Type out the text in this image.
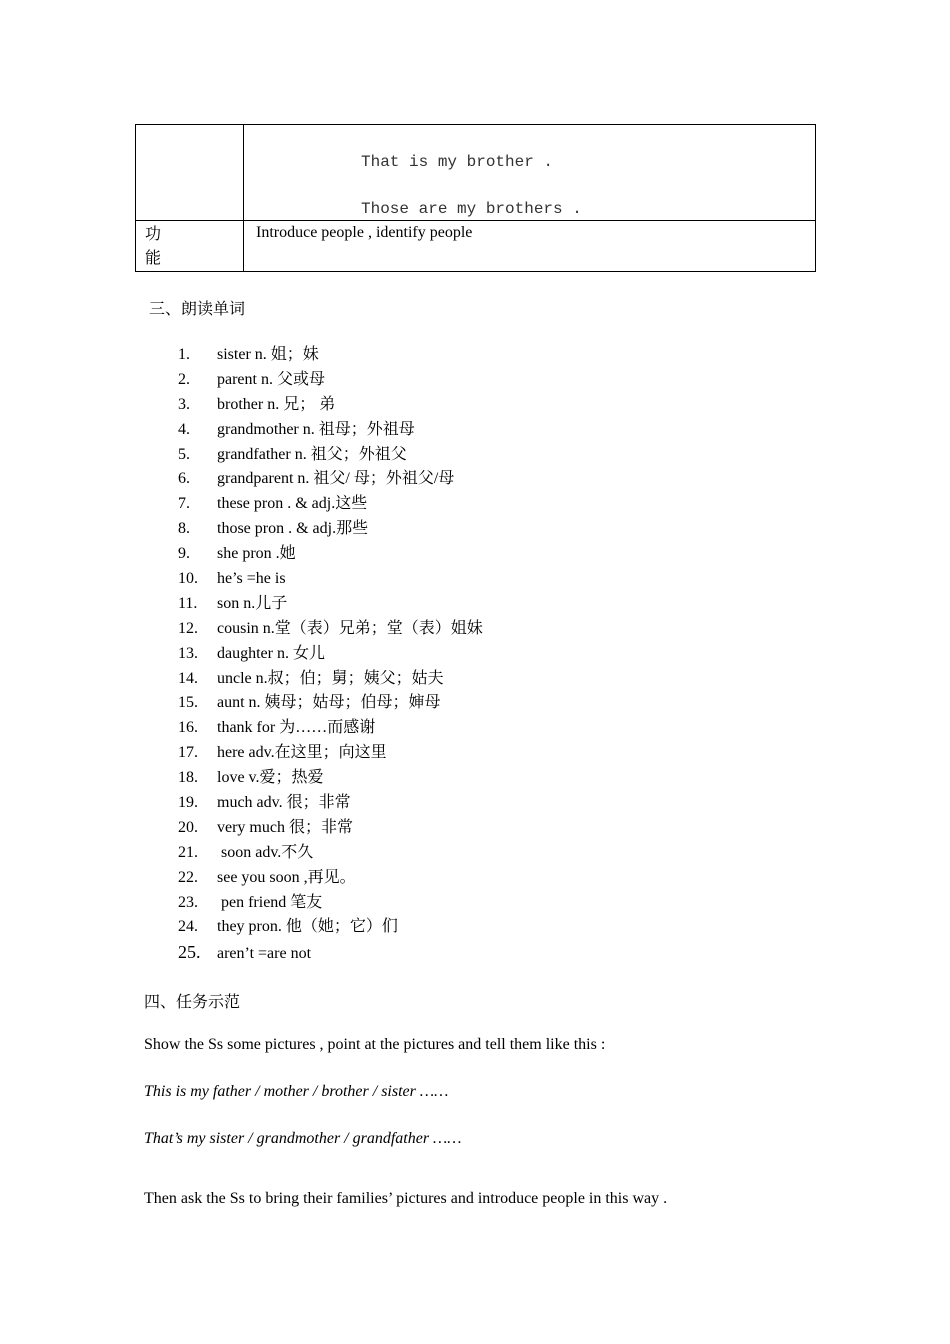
	That is my brother .
Those are my brothers .

功
能	Introduce people , identify people
三、朗读单词
1. sister n. 姐；妹
2. parent n. 父或母
3. brother n. 兄； 弟
4. grandmother n. 祖母；外祖母
5. grandfather n. 祖父；外祖父
6. grandparent n. 祖父/ 母；外祖父/母
7. these pron . & adj.这些
8. those pron . & adj.那些
9. she pron .她
10. he’s =he is
11. son n.儿子
12. cousin n.堂（表）兄弟；堂（表）姐妹
13. daughter n. 女儿
14. uncle n.叔；伯；舅；姨父；姑夫
15. aunt n. 姨母；姑母；伯母；婶母
16. thank for 为……而感谢
17. here adv.在这里；向这里
18. love v.爱；热爱
19. much adv. 很；非常
20. very much 很；非常
21. soon adv.不久
22. see you soon ,再见。
23. pen friend 笔友
24. they pron. 他（她；它）们
25. aren’t =are not
四、任务示范
Show the Ss some pictures , point at the pictures and tell them like this :
This is my father / mother / brother / sister ……
That’s my sister / grandmother / grandfather ……
Then ask the Ss to bring their families’ pictures and introduce people in this way .
